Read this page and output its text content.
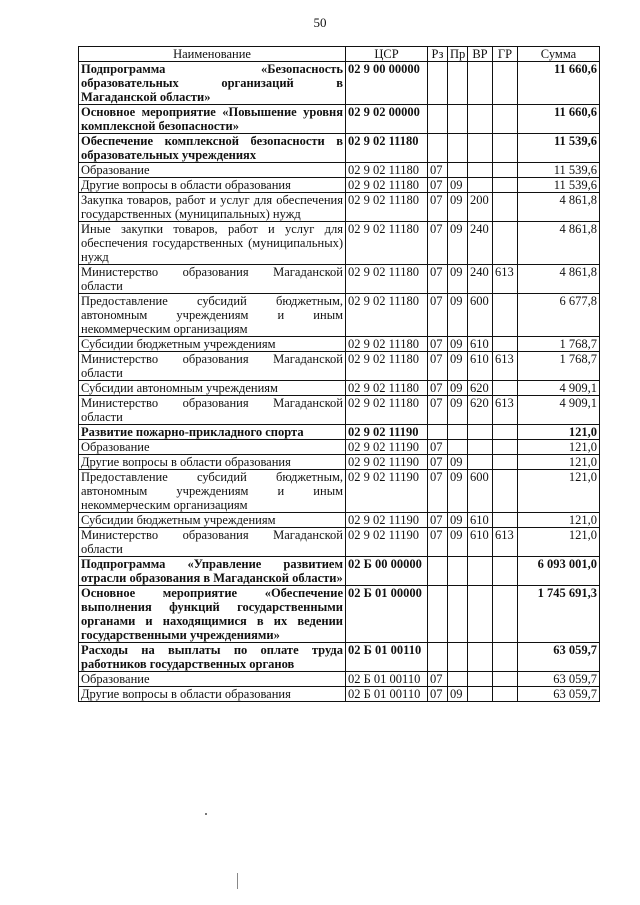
50
Наименование	ЦСР	Рз	Пр	ВР	ГР	Сумма
Подпрограмма «Безопасность образовательных организаций в Магаданской области»	02 9 00 00000					11 660,6
Основное мероприятие «Повышение уровня комплексной безопасности»	02 9 02 00000					11 660,6
Обеспечение комплексной безопасности в образовательных учреждениях	02 9 02 11180					11 539,6
Образование	02 9 02 11180	07				11 539,6
Другие вопросы в области образования	02 9 02 11180	07	09			11 539,6
Закупка товаров, работ и услуг для обеспечения государственных (муниципальных) нужд	02 9 02 11180	07	09	200		4 861,8
Иные закупки товаров, работ и услуг для обеспечения государственных (муниципальных) нужд	02 9 02 11180	07	09	240		4 861,8
Министерство образования Магаданской области	02 9 02 11180	07	09	240	613	4 861,8
Предоставление субсидий бюджетным, автономным учреждениям и иным некоммерческим организациям	02 9 02 11180	07	09	600		6 677,8
Субсидии бюджетным учреждениям	02 9 02 11180	07	09	610		1 768,7
Министерство образования Магаданской области	02 9 02 11180	07	09	610	613	1 768,7
Субсидии автономным учреждениям	02 9 02 11180	07	09	620		4 909,1
Министерство образования Магаданской области	02 9 02 11180	07	09	620	613	4 909,1
Развитие пожарно-прикладного спорта	02 9 02 11190					121,0
Образование	02 9 02 11190	07				121,0
Другие вопросы в области образования	02 9 02 11190	07	09			121,0
Предоставление субсидий бюджетным, автономным учреждениям и иным некоммерческим организациям	02 9 02 11190	07	09	600		121,0
Субсидии бюджетным учреждениям	02 9 02 11190	07	09	610		121,0
Министерство образования Магаданской области	02 9 02 11190	07	09	610	613	121,0
Подпрограмма «Управление развитием отрасли образования в Магаданской области»	02 Б 00 00000					6 093 001,0
Основное мероприятие «Обеспечение выполнения функций государственными органами и находящимися в их ведении государственными учреждениями»	02 Б 01 00000					1 745 691,3
Расходы на выплаты по оплате труда работников государственных органов	02 Б 01 00110					63 059,7
Образование	02 Б 01 00110	07				63 059,7
Другие вопросы в области образования	02 Б 01 00110	07	09			63 059,7
